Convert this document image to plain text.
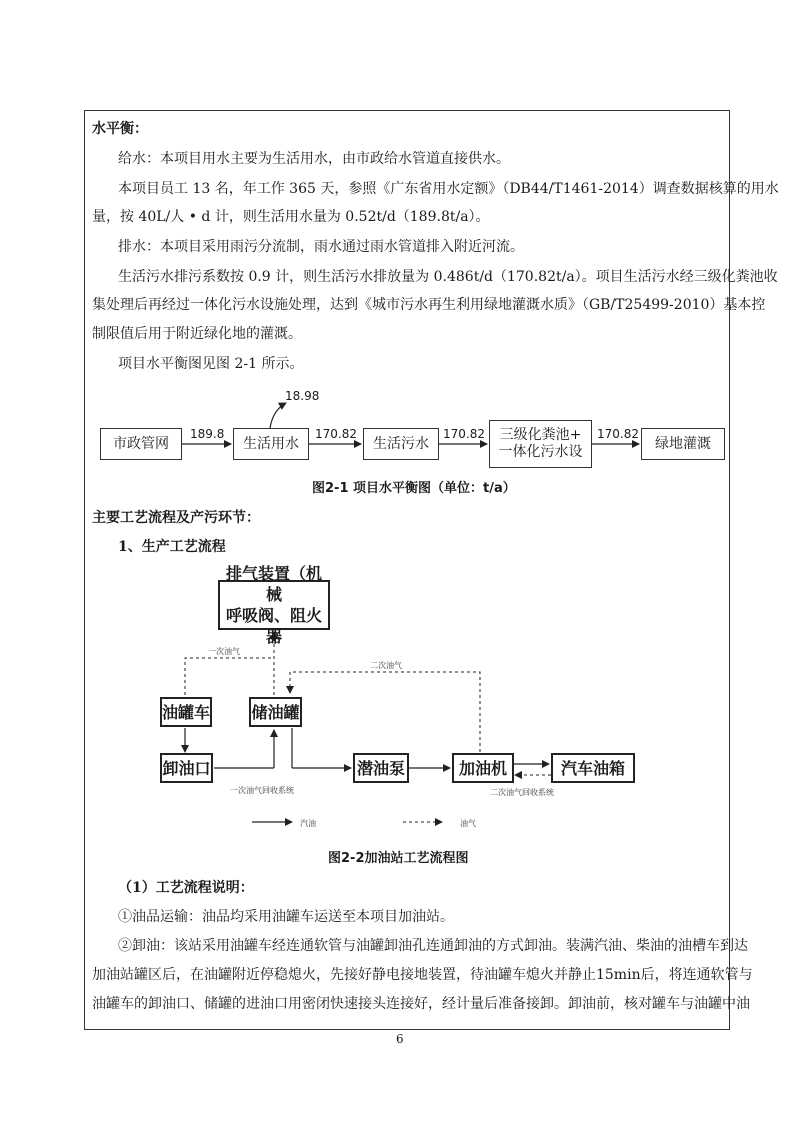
水平衡：
给水：本项目用水主要为生活用水，由市政给水管道直接供水。
本项目员工 13 名，年工作 365 天，参照《广东省用水定额》（DB44/T1461-2014）调查数据核算的用水
量，按 40L/人 • d 计，则生活用水量为 0.52t/d（189.8t/a）。
排水：本项目采用雨污分流制，雨水通过雨水管道排入附近河流。
生活污水排污系数按 0.9 计，则生活污水排放量为 0.486t/d（170.82t/a）。项目生活污水经三级化粪池收
集处理后再经过一体化污水设施处理，达到《城市污水再生利用绿地灌溉水质》（GB/T25499-2010）基本控
制限值后用于附近绿化地的灌溉。
项目水平衡图见图 2-1 所示。
市政管网	生活用水	生活污水
三级化粪池+
一体化污水设
绿地灌溉
189.8
18.98
170.82	170.82	170.82
图2-1 项目水平衡图（单位：t/a）
主要工艺流程及产污环节：
1、生产工艺流程
排气装置（机械
呼吸阀、阻火器
油罐车	储油罐
卸油口	潜油泵	加油机	汽车油箱
一次油气
二次油气
一次油气回收系统	二次油气回收系统
汽油	油气
图2-2加油站工艺流程图
（1）工艺流程说明：
①油品运输：油品均采用油罐车运送至本项目加油站。
②卸油：该站采用油罐车经连通软管与油罐卸油孔连通卸油的方式卸油。装满汽油、柴油的油槽车到达
加油站罐区后，在油罐附近停稳熄火，先接好静电接地装置，待油罐车熄火并静止15min后，将连通软管与
油罐车的卸油口、储罐的进油口用密闭快速接头连接好，经计量后准备接卸。卸油前，核对罐车与油罐中油
6
